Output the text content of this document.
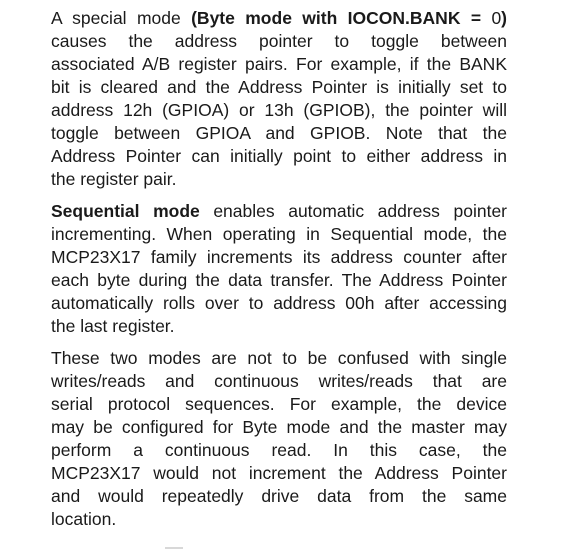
A special mode (Byte mode with IOCON.BANK = 0)
causes the address pointer to toggle between
associated A/B register pairs. For example, if the BANK
bit is cleared and the Address Pointer is initially set to
address 12h (GPIOA) or 13h (GPIOB), the pointer will
toggle between GPIOA and GPIOB. Note that the
Address Pointer can initially point to either address in
the register pair.
Sequential mode enables automatic address pointer
incrementing. When operating in Sequential mode, the
MCP23X17 family increments its address counter after
each byte during the data transfer. The Address Pointer
automatically rolls over to address 00h after accessing
the last register.
These two modes are not to be confused with single
writes/reads and continuous writes/reads that are
serial protocol sequences. For example, the device
may be configured for Byte mode and the master may
perform a continuous read. In this case, the
MCP23X17 would not increment the Address Pointer
and would repeatedly drive data from the same
location.
